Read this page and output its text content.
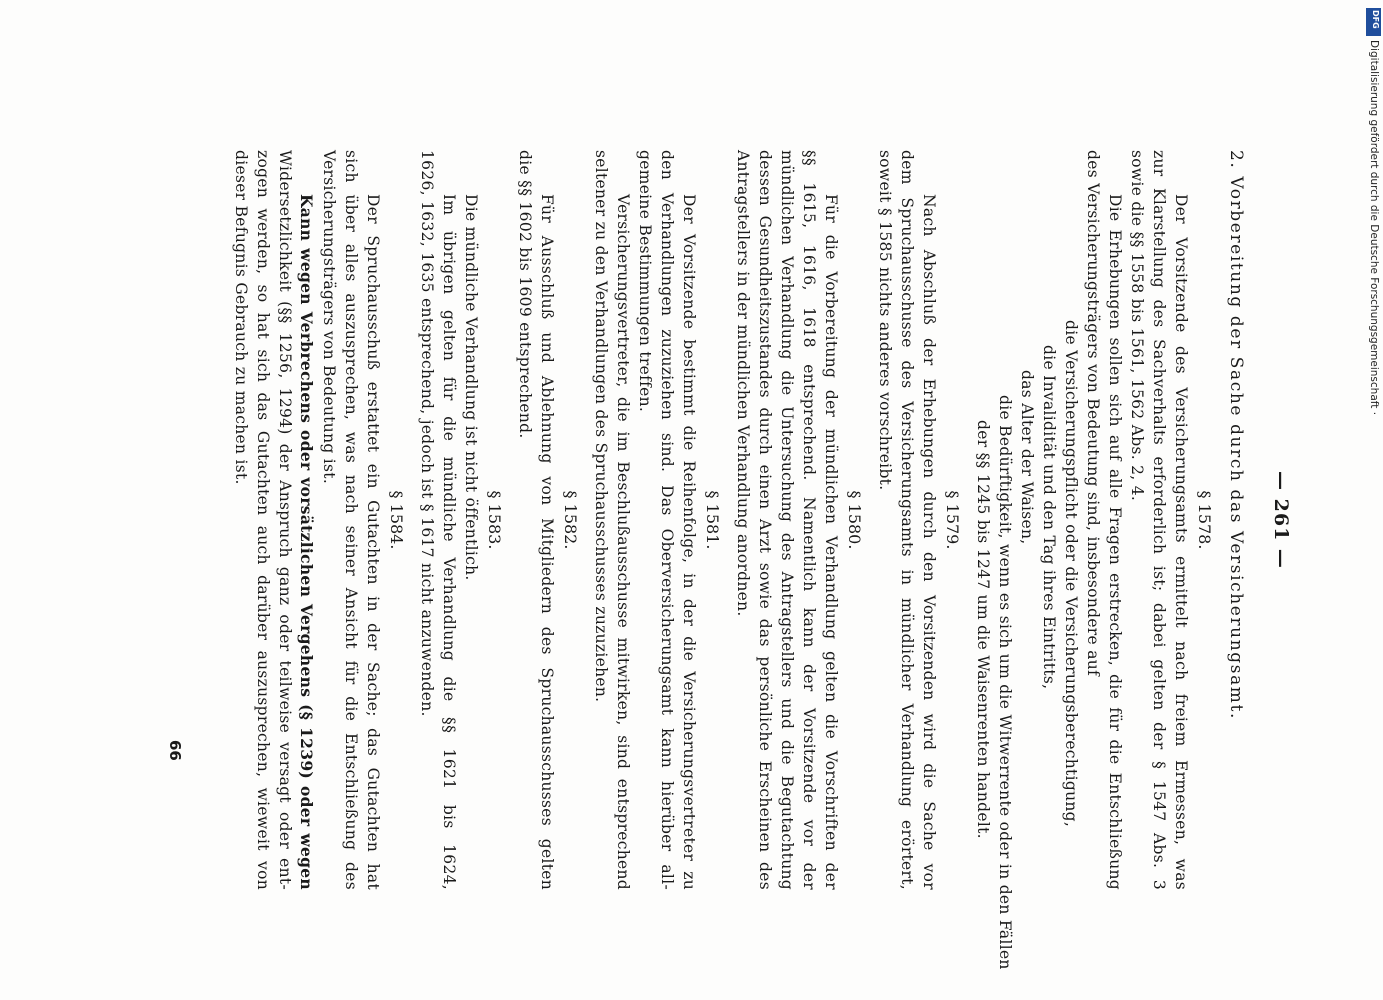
— 261 —
2. Vorbereitung der Sache durch das Versicherungsamt.
§ 1578.
Der Vorsitzende des Versicherungsamts ermittelt nach freiem Ermessen, was
zur Klarstellung des Sachverhalts erforderlich ist; dabei gelten der § 1547 Abs. 3
sowie die §§ 1558 bis 1561, 1562 Abs. 2, 4.
Die Erhebungen sollen sich auf alle Fragen erstrecken, die für die Entschließung
des Versicherungsträgers von Bedeutung sind, insbesondere auf
die Versicherungspflicht oder die Versicherungsberechtigung,
die Invalidität und den Tag ihres Eintritts,
das Alter der Waisen,
die Bedürftigkeit, wenn es sich um die Witwerrente oder in den Fällen
der §§ 1245 bis 1247 um die Waisenrenten handelt.
§ 1579.
Nach Abschluß der Erhebungen durch den Vorsitzenden wird die Sache vor
dem Spruchausschusse des Versicherungsamts in mündlicher Verhandlung erörtert,
soweit § 1585 nichts anderes vorschreibt.
§ 1580.
Für die Vorbereitung der mündlichen Verhandlung gelten die Vorschriften der
§§ 1615, 1616, 1618 entsprechend. Namentlich kann der Vorsitzende vor der
mündlichen Verhandlung die Untersuchung des Antragstellers und die Begutachtung
dessen Gesundheitszustandes durch einen Arzt sowie das persönliche Erscheinen des
Antragstellers in der mündlichen Verhandlung anordnen.
§ 1581.
Der Vorsitzende bestimmt die Reihenfolge, in der die Versicherungsvertreter zu
den Verhandlungen zuzuziehen sind. Das Oberversicherungsamt kann hierüber all-
gemeine Bestimmungen treffen.
Versicherungsvertreter, die im Beschlußausschusse mitwirken, sind entsprechend
seltener zu den Verhandlungen des Spruchausschusses zuzuziehen.
§ 1582.
Für Ausschluß und Ablehnung von Mitgliedern des Spruchausschusses gelten
die §§ 1602 bis 1609 entsprechend.
§ 1583.
Die mündliche Verhandlung ist nicht öffentlich.
Im übrigen gelten für die mündliche Verhandlung die §§ 1621 bis 1624,
1626, 1632, 1635 entsprechend, jedoch ist § 1617 nicht anzuwenden.
§ 1584.
Der Spruchausschuß erstattet ein Gutachten in der Sache; das Gutachten hat
sich über alles auszusprechen, was nach seiner Ansicht für die Entschließung des
Versicherungsträgers von Bedeutung ist.
Kann wegen Verbrechens oder vorsätzlichen Vergehens (§ 1239) oder wegen
Widersetzlichkeit (§§ 1256, 1294) der Anspruch ganz oder teilweise versagt oder ent-
zogen werden, so hat sich das Gutachten auch darüber auszusprechen, wieweit von
dieser Befugnis Gebrauch zu machen ist.
66
DFG
Digitalisierung gefördert durch die Deutsche Forschungsgemeinschaft ·
